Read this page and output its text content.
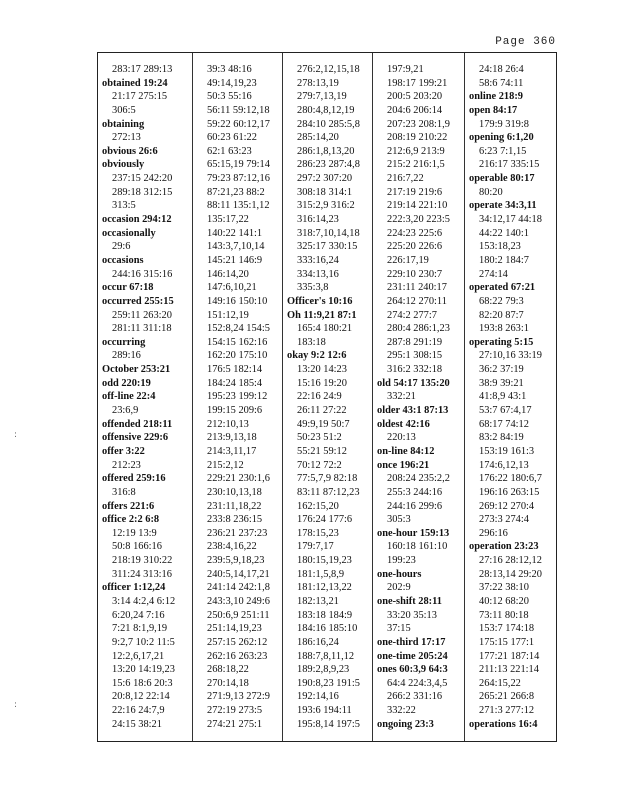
Page 360
:
:
283:17 289:13
obtained 19:24
21:17 275:15
306:5
obtaining
272:13
obvious 26:6
obviously
237:15 242:20
289:18 312:15
313:5
occasion 294:12
occasionally
29:6
occasions
244:16 315:16
occur 67:18
occurred 255:15
259:11 263:20
281:11 311:18
occurring
289:16
October 253:21
odd 220:19
off-line 22:4
23:6,9
offended 218:11
offensive 229:6
offer 3:22
212:23
offered 259:16
316:8
offers 221:6
office 2:2 6:8
12:19 13:9
50:8 166:16
218:19 310:22
311:24 313:16
officer 1:12,24
3:14 4:2,4 6:12
6:20,24 7:16
7:21 8:1,9,19
9:2,7 10:2 11:5
12:2,6,17,21
13:20 14:19,23
15:6 18:6 20:3
20:8,12 22:14
22:16 24:7,9
24:15 38:21
39:3 48:16
49:14,19,23
50:3 55:16
56:11 59:12,18
59:22 60:12,17
60:23 61:22
62:1 63:23
65:15,19 79:14
79:23 87:12,16
87:21,23 88:2
88:11 135:1,12
135:17,22
140:22 141:1
143:3,7,10,14
145:21 146:9
146:14,20
147:6,10,21
149:16 150:10
151:12,19
152:8,24 154:5
154:15 162:16
162:20 175:10
176:5 182:14
184:24 185:4
195:23 199:12
199:15 209:6
212:10,13
213:9,13,18
214:3,11,17
215:2,12
229:21 230:1,6
230:10,13,18
231:11,18,22
233:8 236:15
236:21 237:23
238:4,16,22
239:5,9,18,23
240:5,14,17,21
241:14 242:1,8
243:3,10 249:6
250:6,9 251:11
251:14,19,23
257:15 262:12
262:16 263:23
268:18,22
270:14,18
271:9,13 272:9
272:19 273:5
274:21 275:1
276:2,12,15,18
278:13,19
279:7,13,19
280:4,8,12,19
284:10 285:5,8
285:14,20
286:1,8,13,20
286:23 287:4,8
297:2 307:20
308:18 314:1
315:2,9 316:2
316:14,23
318:7,10,14,18
325:17 330:15
333:16,24
334:13,16
335:3,8
Officer's 10:16
Oh 11:9,21 87:1
165:4 180:21
183:18
okay 9:2 12:6
13:20 14:23
15:16 19:20
22:16 24:9
26:11 27:22
49:9,19 50:7
50:23 51:2
55:21 59:12
70:12 72:2
77:5,7,9 82:18
83:11 87:12,23
162:15,20
176:24 177:6
178:15,23
179:7,17
180:15,19,23
181:1,5,8,9
181:12,13,22
182:13,21
183:18 184:9
184:16 185:10
186:16,24
188:7,8,11,12
189:2,8,9,23
190:8,23 191:5
192:14,16
193:6 194:11
195:8,14 197:5
197:9,21
198:17 199:21
200:5 203:20
204:6 206:14
207:23 208:1,9
208:19 210:22
212:6,9 213:9
215:2 216:1,5
216:7,22
217:19 219:6
219:14 221:10
222:3,20 223:5
224:23 225:6
225:20 226:6
226:17,19
229:10 230:7
231:11 240:17
264:12 270:11
274:2 277:7
280:4 286:1,23
287:8 291:19
295:1 308:15
316:2 332:18
old 54:17 135:20
332:21
older 43:1 87:13
oldest 42:16
220:13
on-line 84:12
once 196:21
208:24 235:2,2
255:3 244:16
244:16 299:6
305:3
one-hour 159:13
160:18 161:10
199:23
one-hours
202:9
one-shift 28:11
33:20 35:13
37:15
one-third 17:17
one-time 205:24
ones 60:3,9 64:3
64:4 224:3,4,5
266:2 331:16
332:22
ongoing 23:3
24:18 26:4
58:6 74:11
online 218:9
open 84:17
179:9 319:8
opening 6:1,20
6:23 7:1,15
216:17 335:15
operable 80:17
80:20
operate 34:3,11
34:12,17 44:18
44:22 140:1
153:18,23
180:2 184:7
274:14
operated 67:21
68:22 79:3
82:20 87:7
193:8 263:1
operating 5:15
27:10,16 33:19
36:2 37:19
38:9 39:21
41:8,9 43:1
53:7 67:4,17
68:17 74:12
83:2 84:19
153:19 161:3
174:6,12,13
176:22 180:6,7
196:16 263:15
269:12 270:4
273:3 274:4
296:16
operation 23:23
27:16 28:12,12
28:13,14 29:20
37:22 38:10
40:12 68:20
73:11 80:18
153:7 174:18
175:15 177:1
177:21 187:14
211:13 221:14
264:15,22
265:21 266:8
271:3 277:12
operations 16:4
